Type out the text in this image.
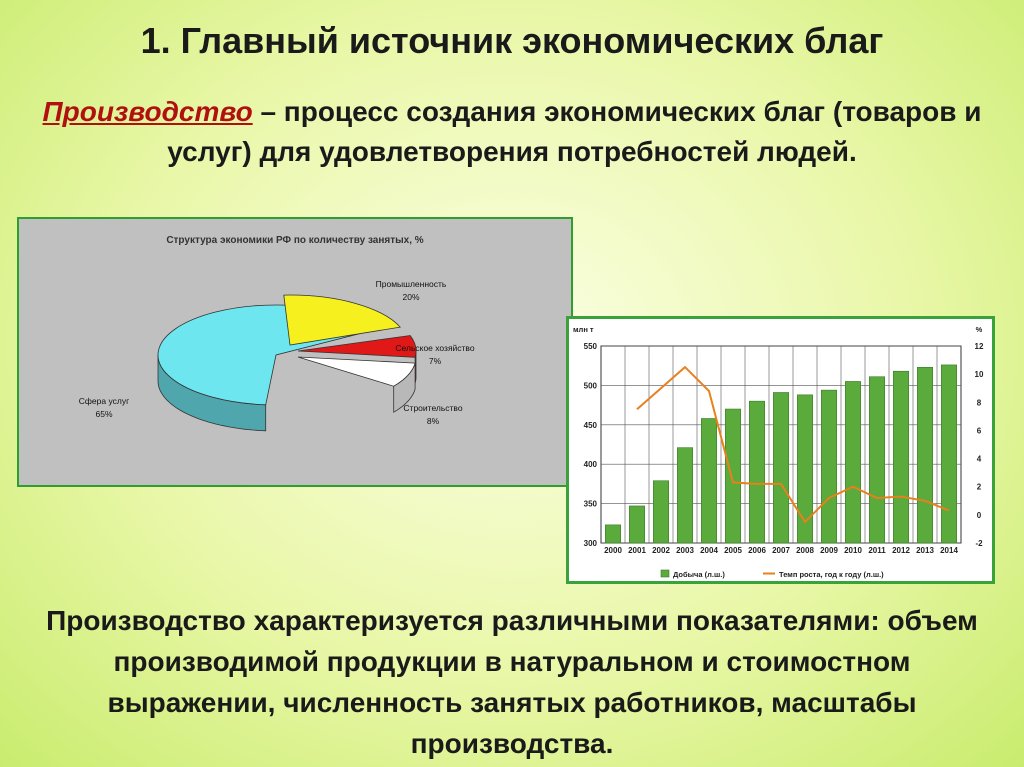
1. Главный источник экономических благ
Производство – процесс создания экономических благ (товаров и услуг) для удовлетворения потребностей людей.
Структура экономики РФ по количеству занятых, %
Сфера услуг
65%
Промышленность
20%
Сельское хозяйство
7%
Строительство
8%
млн т	%
300
350
400
450
500
550
-2
0
2
4
6
8
10
12
2000 2001 2002 2003 2004 2005 2006 2007 2008 2009 2010 2011 2012 2013 2014
Добыча (л.ш.)	Темп роста, год к году (л.ш.)
Производство характеризуется различными показателями: объем производимой продукции в натуральном и стоимостном выражении, численность занятых работников, масштабы производства.
